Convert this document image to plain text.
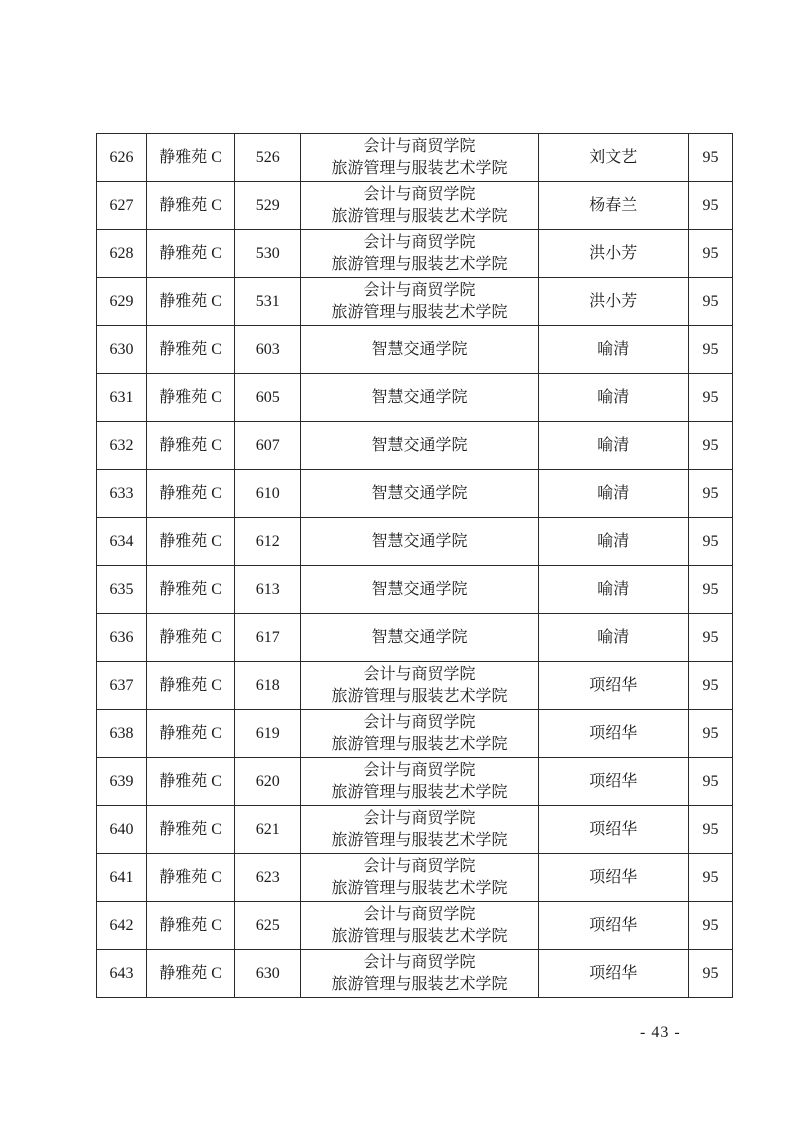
626	静雅苑 C	526	会计与商贸学院
旅游管理与服装艺术学院	刘文艺	95
627	静雅苑 C	529	会计与商贸学院
旅游管理与服装艺术学院	杨春兰	95
628	静雅苑 C	530	会计与商贸学院
旅游管理与服装艺术学院	洪小芳	95
629	静雅苑 C	531	会计与商贸学院
旅游管理与服装艺术学院	洪小芳	95
630	静雅苑 C	603	智慧交通学院	喻清	95
631	静雅苑 C	605	智慧交通学院	喻清	95
632	静雅苑 C	607	智慧交通学院	喻清	95
633	静雅苑 C	610	智慧交通学院	喻清	95
634	静雅苑 C	612	智慧交通学院	喻清	95
635	静雅苑 C	613	智慧交通学院	喻清	95
636	静雅苑 C	617	智慧交通学院	喻清	95
637	静雅苑 C	618	会计与商贸学院
旅游管理与服装艺术学院	项绍华	95
638	静雅苑 C	619	会计与商贸学院
旅游管理与服装艺术学院	项绍华	95
639	静雅苑 C	620	会计与商贸学院
旅游管理与服装艺术学院	项绍华	95
640	静雅苑 C	621	会计与商贸学院
旅游管理与服装艺术学院	项绍华	95
641	静雅苑 C	623	会计与商贸学院
旅游管理与服装艺术学院	项绍华	95
642	静雅苑 C	625	会计与商贸学院
旅游管理与服装艺术学院	项绍华	95
643	静雅苑 C	630	会计与商贸学院
旅游管理与服装艺术学院	项绍华	95
- 43 -
